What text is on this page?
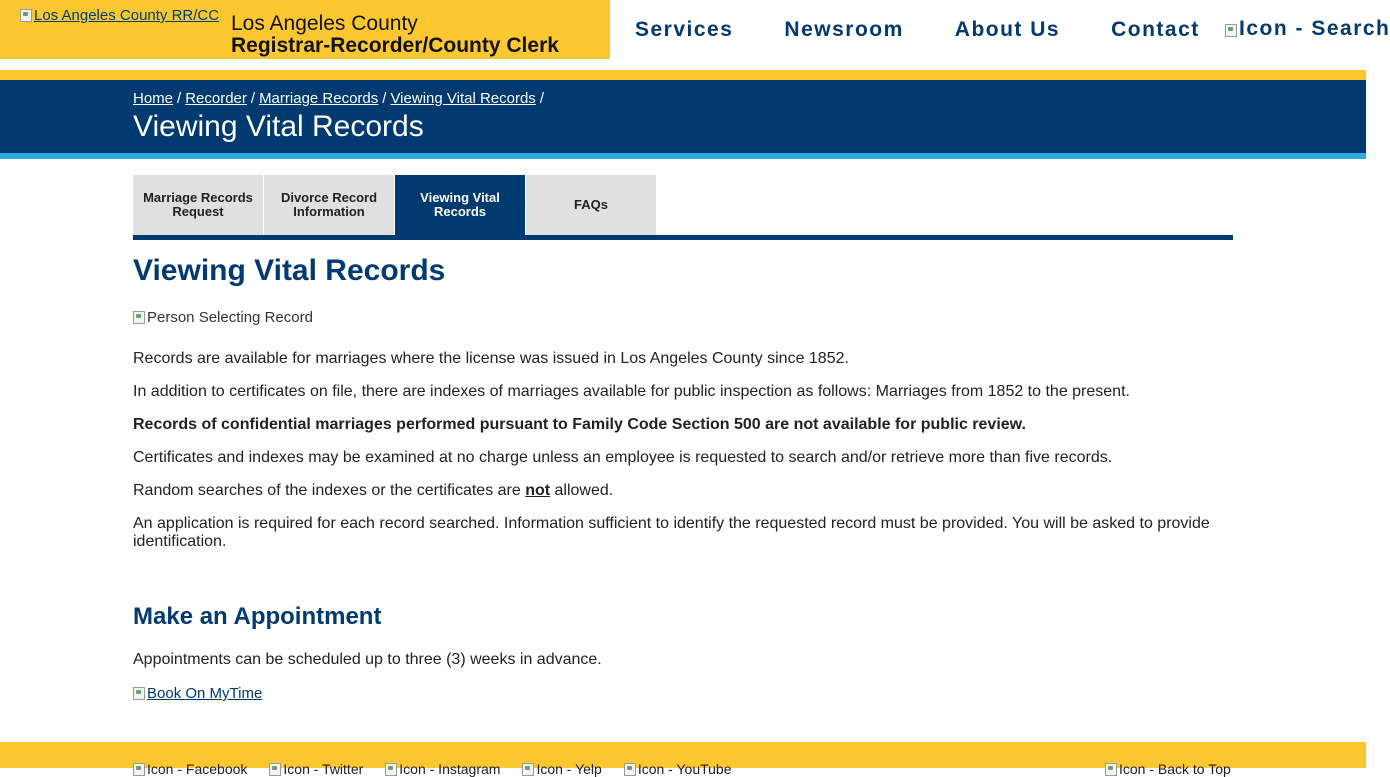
Los Angeles County RR/CC Los Angeles County
Registrar-Recorder/County Clerk
Services Newsroom About Us Contact	Icon - Search
Home / Recorder / Marriage Records / Viewing Vital Records /
Viewing Vital Records
Marriage Records Request
Divorce Record Information
Viewing Vital Records	FAQs
Viewing Vital Records
Person Selecting Record

Records are available for marriages where the license was issued in Los Angeles County since 1852.

In addition to certificates on file, there are indexes of marriages available for public inspection as follows: Marriages from 1852 to the present.

Records of confidential marriages performed pursuant to Family Code Section 500 are not available for public review.

Certificates and indexes may be examined at no charge unless an employee is requested to search and/or retrieve more than five records.

Random searches of the indexes or the certificates are not allowed.

An application is required for each record searched. Information sufficient to identify the requested record must be provided. You will be asked to provide identification.

Make an Appointment

Appointments can be scheduled up to three (3) weeks in advance.

Book On MyTime
Icon - Facebook	Icon - Twitter	Icon - Instagram	Icon - Yelp	Icon - YouTube	Icon - Back to Top
